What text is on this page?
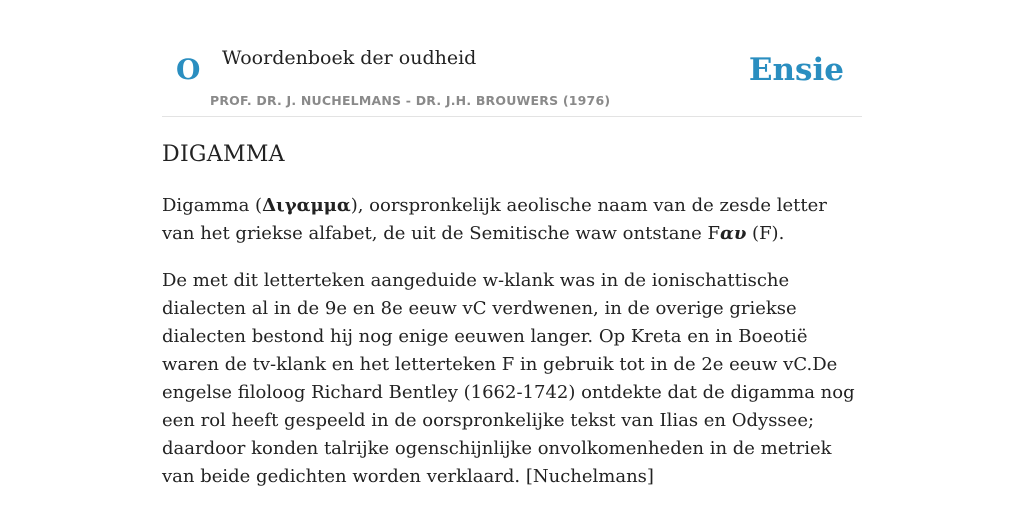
O Woordenboek der oudheid
PROF. DR. J. NUCHELMANS - DR. J.H. BROUWERS (1976)
Ensie
DIGAMMA

Digamma (Διγαμμα), oorspronkelijk aeolische naam van de zesde letter van het griekse alfabet, de uit de Semitische waw ontstane Fαυ (F).

De met dit letterteken aangeduide w-klank was in de ionischattische dialecten al in de 9e en 8e eeuw vC verdwenen, in de overige griekse dialecten bestond hij nog enige eeuwen langer. Op Kreta en in Boeotië waren de tv-klank en het letterteken F in gebruik tot in de 2e eeuw vC.De engelse filoloog Richard Bentley (1662-1742) ontdekte dat de digamma nog een rol heeft gespeeld in de oorspronkelijke tekst van Ilias en Odyssee; daardoor konden talrijke ogenschijnlijke onvolkomenheden in de metriek van beide gedichten worden verklaard. [Nuchelmans]
